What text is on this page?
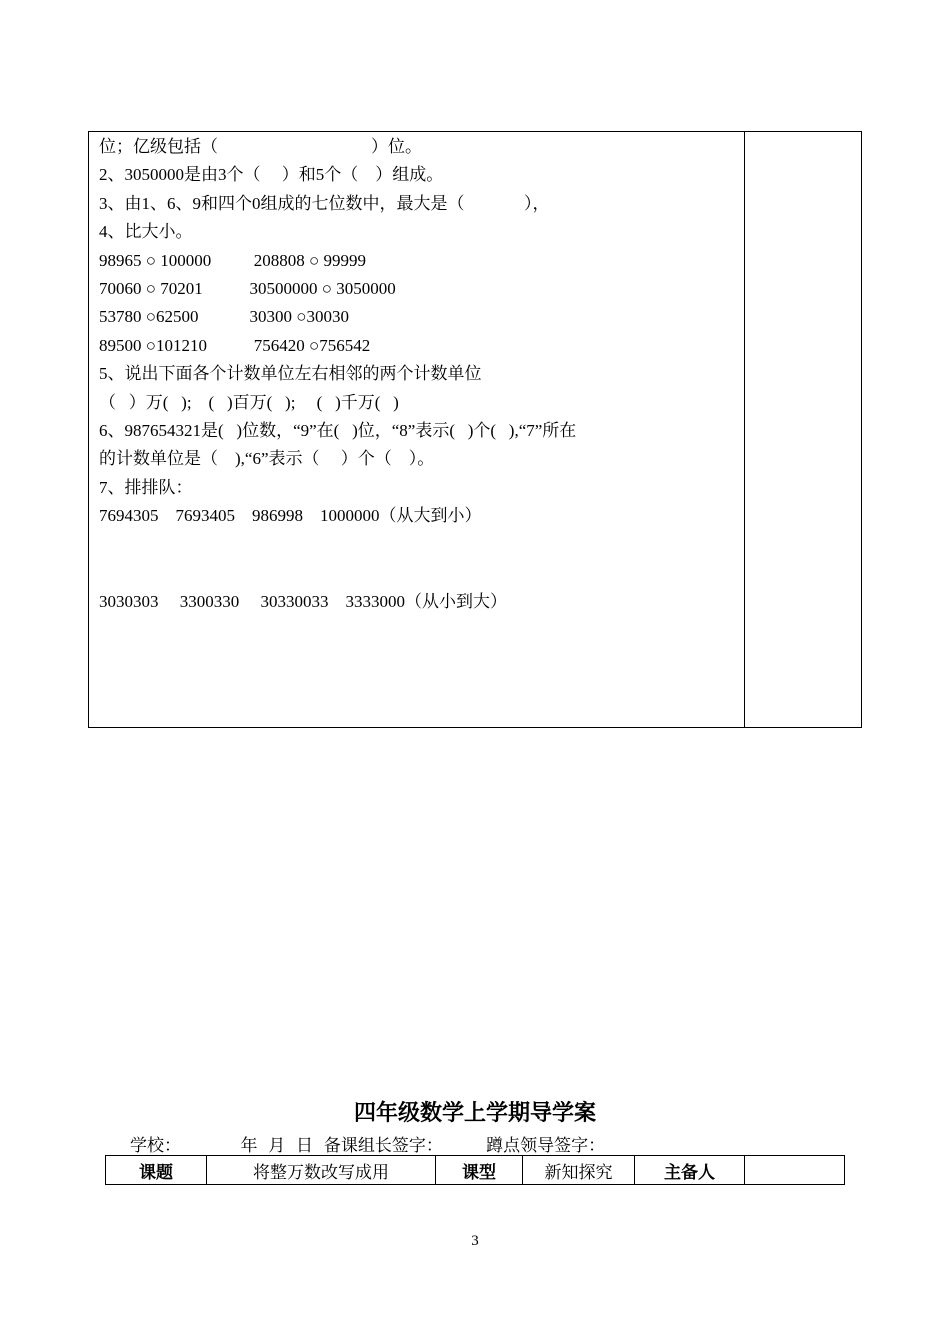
位；亿级包括（                                    ）位。
2、3050000是由3个（     ）和5个（    ）组成。
3、由1、6、9和四个0组成的七位数中，最大是（              ），
4、比大小。
98965 ○ 100000          208808 ○ 99999
70060 ○ 70201           30500000 ○ 3050000
53780 ○62500            30300 ○30030
89500 ○101210           756420 ○756542
5、说出下面各个计数单位左右相邻的两个计数单位
（   ）万(   );    (   )百万(   );     (   )千万(   )
6、987654321是(   )位数，“9”在(   )位，“8”表示(   )个(   ),“7”所在
的计数单位是（    ),“6”表示（     ）个（    ）。
7、排排队：
7694305    7693405    986998    1000000（从大到小）
3030303     3300330     30330033    3333000（从小到大）
四年级数学上学期导学案
学校：           年  月  日  备课组长签字：        蹲点领导签字：
课题	将整万数改写成用	课型	新知探究	主备人	
3
